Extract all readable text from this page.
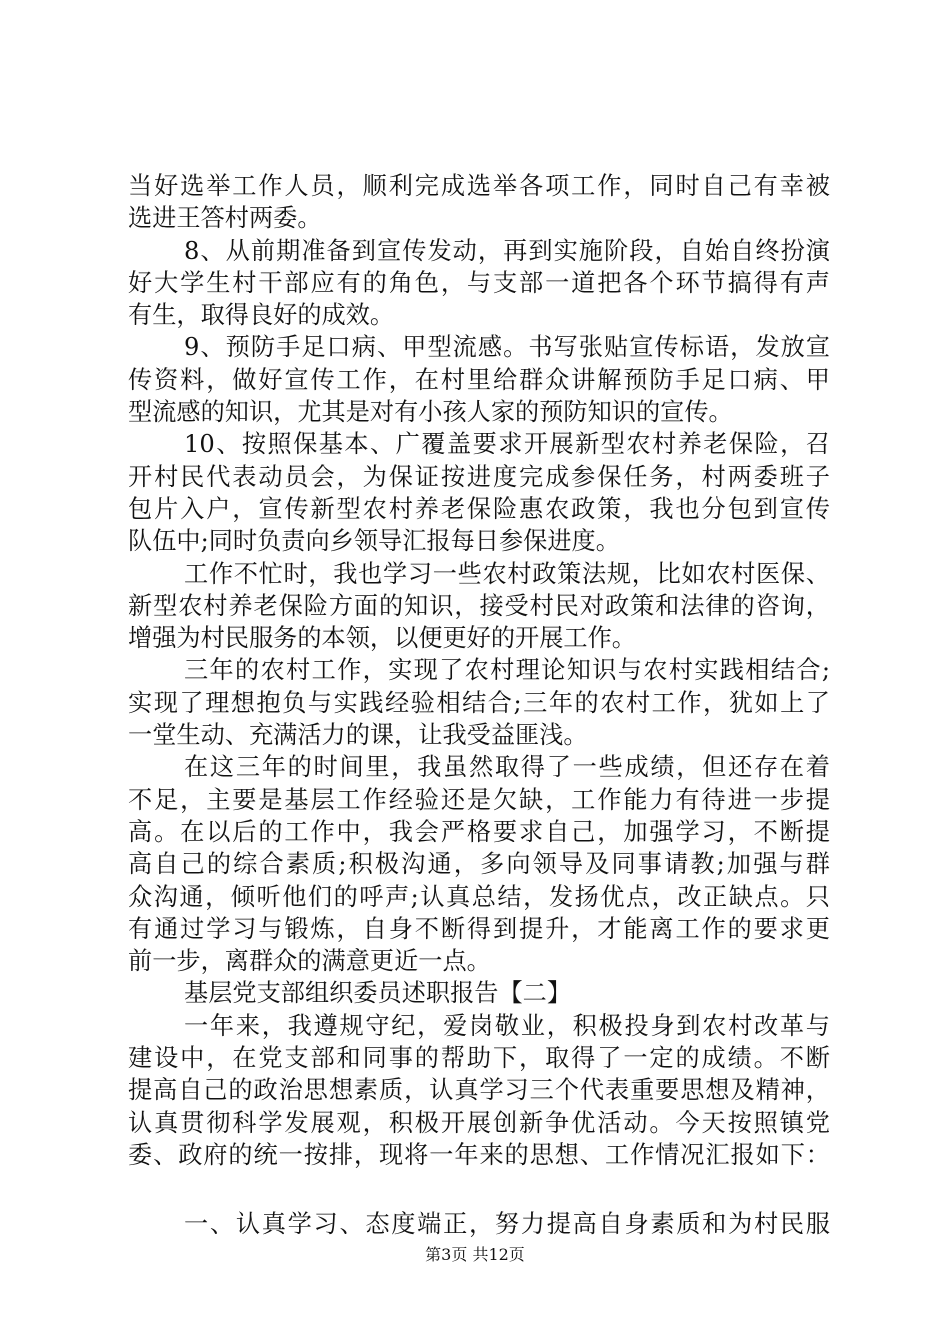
当好选举工作人员，顺利完成选举各项工作，同时自己有幸被
选进王答村两委。
8、从前期准备到宣传发动，再到实施阶段，自始自终扮演
好大学生村干部应有的角色，与支部一道把各个环节搞得有声
有生，取得良好的成效。
9、预防手足口病、甲型流感。书写张贴宣传标语，发放宣
传资料，做好宣传工作，在村里给群众讲解预防手足口病、甲
型流感的知识，尤其是对有小孩人家的预防知识的宣传。
10、按照保基本、广覆盖要求开展新型农村养老保险，召
开村民代表动员会，为保证按进度完成参保任务，村两委班子
包片入户，宣传新型农村养老保险惠农政策，我也分包到宣传
队伍中;同时负责向乡领导汇报每日参保进度。
工作不忙时，我也学习一些农村政策法规，比如农村医保、
新型农村养老保险方面的知识，接受村民对政策和法律的咨询，
增强为村民服务的本领，以便更好的开展工作。
三年的农村工作，实现了农村理论知识与农村实践相结合;
实现了理想抱负与实践经验相结合;三年的农村工作，犹如上了
一堂生动、充满活力的课，让我受益匪浅。
在这三年的时间里，我虽然取得了一些成绩，但还存在着
不足，主要是基层工作经验还是欠缺，工作能力有待进一步提
高。在以后的工作中，我会严格要求自己，加强学习，不断提
高自己的综合素质;积极沟通，多向领导及同事请教;加强与群
众沟通，倾听他们的呼声;认真总结，发扬优点，改正缺点。只
有通过学习与锻炼，自身不断得到提升，才能离工作的要求更
前一步，离群众的满意更近一点。
基层党支部组织委员述职报告【二】
一年来，我遵规守纪，爱岗敬业，积极投身到农村改革与
建设中，在党支部和同事的帮助下，取得了一定的成绩。不断
提高自己的政治思想素质，认真学习三个代表重要思想及精神，
认真贯彻科学发展观，积极开展创新争优活动。今天按照镇党
委、政府的统一按排，现将一年来的思想、工作情况汇报如下：
一、认真学习、态度端正，努力提高自身素质和为村民服
第3页 共12页
